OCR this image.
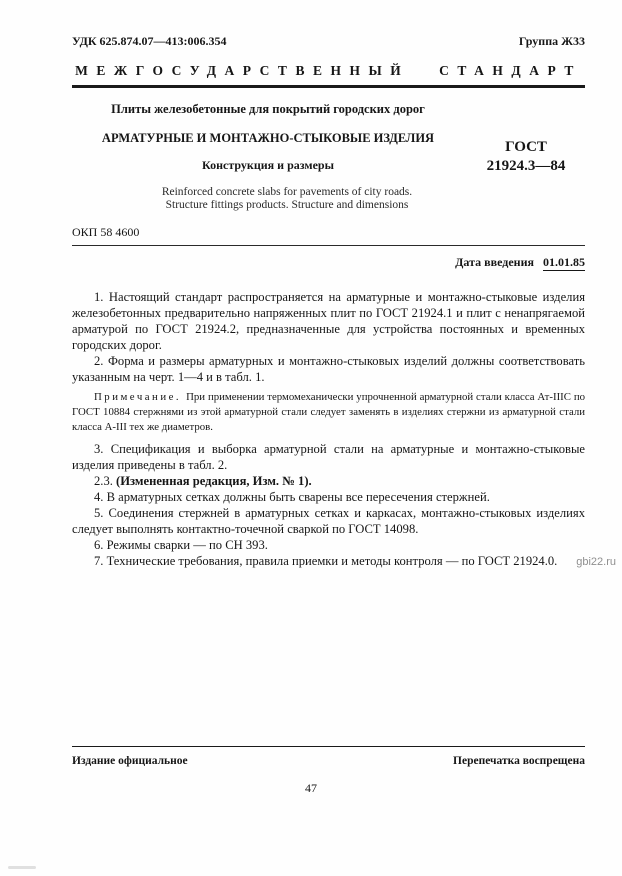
УДК 625.874.07—413:006.354	Группа Ж33
МЕЖГОСУДАРСТВЕННЫЙ СТАНДАРТ
Плиты железобетонные для покрытий городских дорог
АРМАТУРНЫЕ И МОНТАЖНО-СТЫКОВЫЕ ИЗДЕЛИЯ
Конструкция и размеры
Reinforced concrete slabs for pavements of city roads.
Structure fittings products. Structure and dimensions
ГОСТ
21924.3—84
ОКП 58 4600
Дата введения 01.01.85

1. Настоящий стандарт распространяется на арматурные и монтажно-стыковые изделия железобетонных предварительно напряженных плит по ГОСТ 21924.1 и плит с ненапрягаемой арматурой по ГОСТ 21924.2, предназначенные для устройства постоянных и временных городских дорог.

2. Форма и размеры арматурных и монтажно-стыковых изделий должны соответствовать указанным на черт. 1—4 и в табл. 1.

Примечание. При применении термомеханически упрочненной арматурной стали класса Ат-IIIС по ГОСТ 10884 стержнями из этой арматурной стали следует заменять в изделиях стержни из арматурной стали класса А-III тех же диаметров.

3. Спецификация и выборка арматурной стали на арматурные и монтажно-стыковые изделия приведены в табл. 2.

2.3. (Измененная редакция, Изм. № 1).

4. В арматурных сетках должны быть сварены все пересечения стержней.

5. Соединения стержней в арматурных сетках и каркасах, монтажно-стыковых изделиях следует выполнять контактно-точечной сваркой по ГОСТ 14098.

6. Режимы сварки — по СН 393.

7. Технические требования, правила приемки и методы контроля — по ГОСТ 21924.0.	gbi22.ru
Издание официальное	Перепечатка воспрещена
47
